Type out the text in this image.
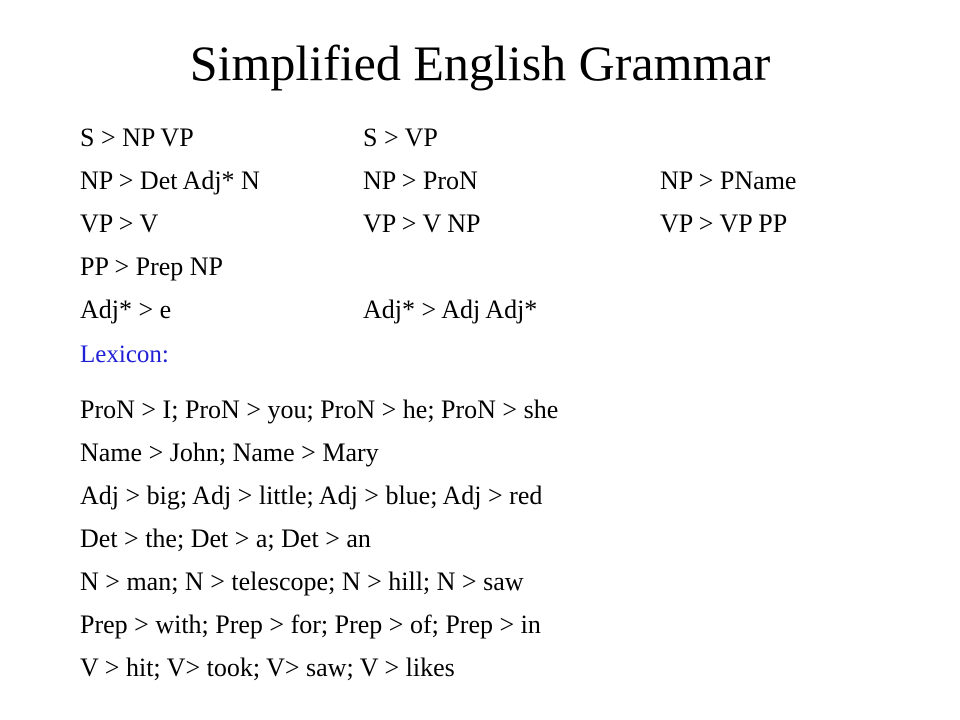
Simplified English Grammar
S > NP VP	S > VP
NP > Det Adj* N	NP > ProN	NP > PName
VP > V	VP > V NP	VP > VP PP
PP > Prep NP
Adj* > e	Adj* > Adj Adj*
Lexicon:
ProN > I; ProN > you; ProN > he; ProN > she
Name > John; Name > Mary
Adj > big; Adj > little; Adj > blue; Adj > red
Det > the; Det > a; Det > an
N > man; N > telescope; N > hill; N > saw
Prep > with; Prep > for; Prep > of; Prep > in
V > hit; V> took; V> saw; V > likes
